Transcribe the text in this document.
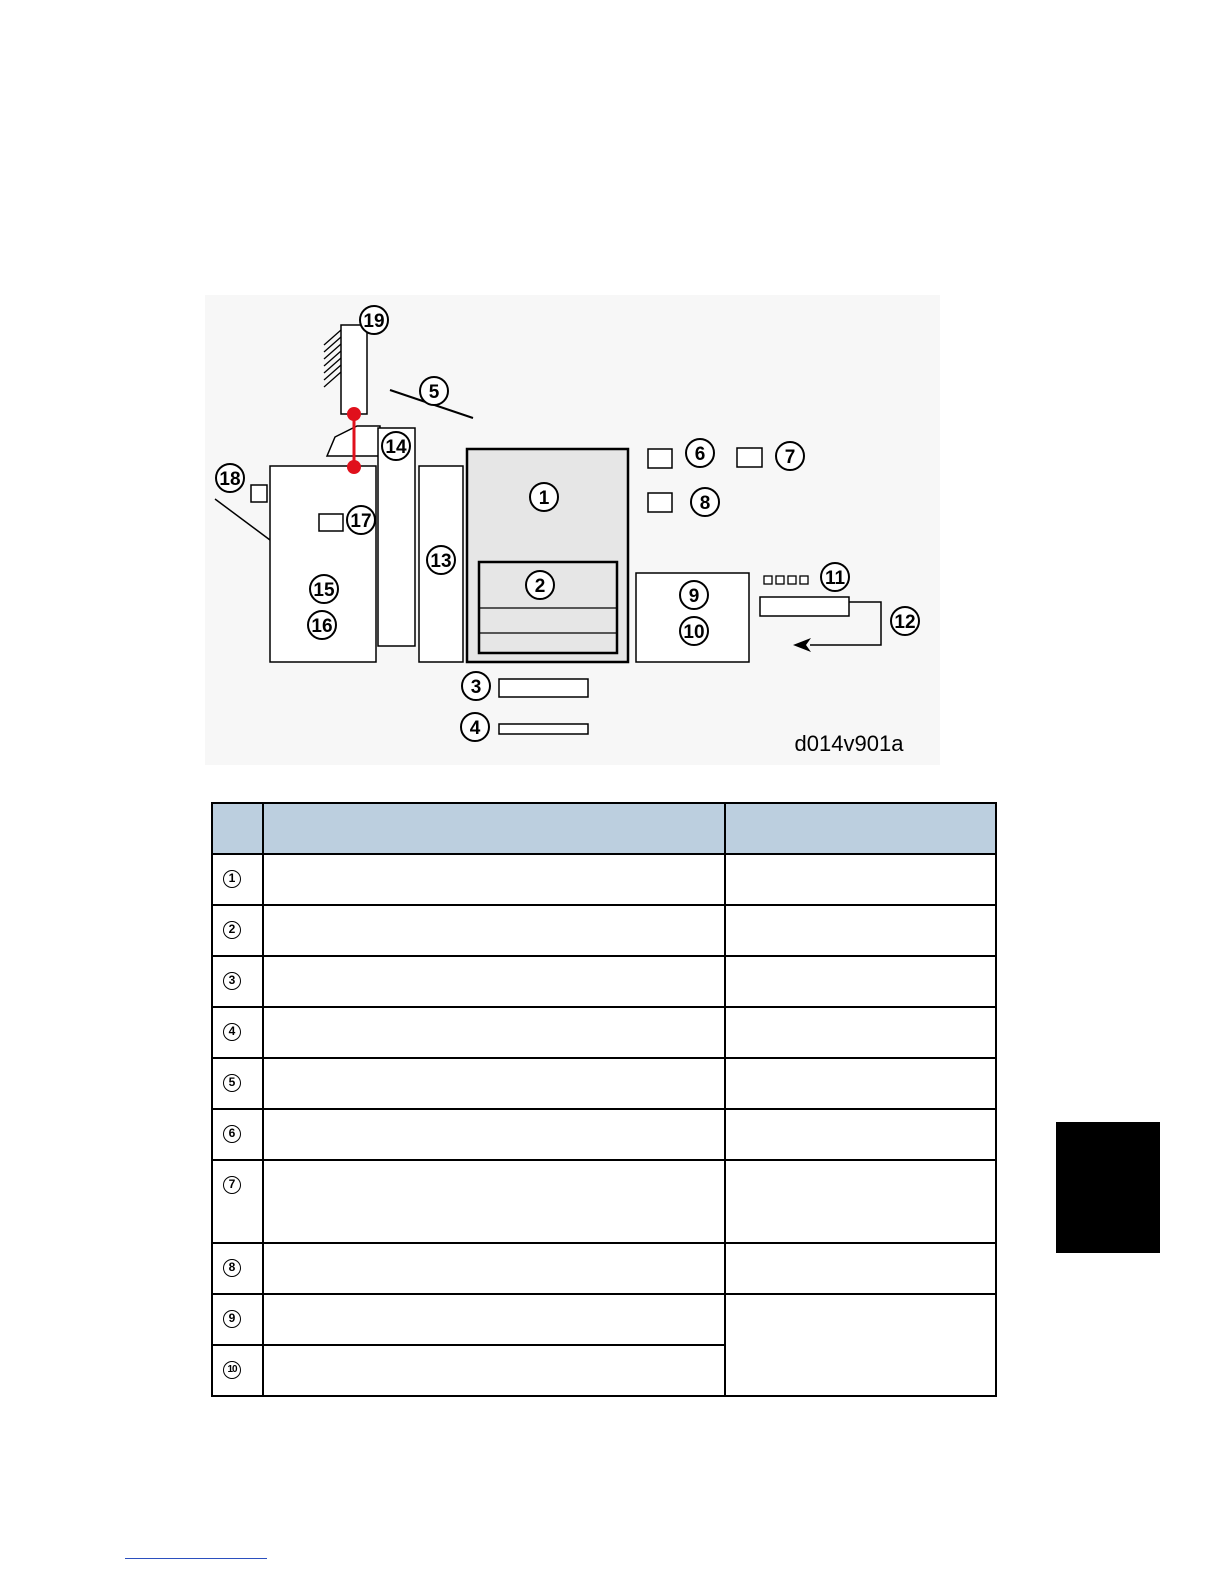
19
5
14
18
17
13
15
16
1
2
3
4
6	7
8
9
10
11
12
d014v901a

1		

2		

3		

4		

5		

6		

7		

8		

9		

10		
